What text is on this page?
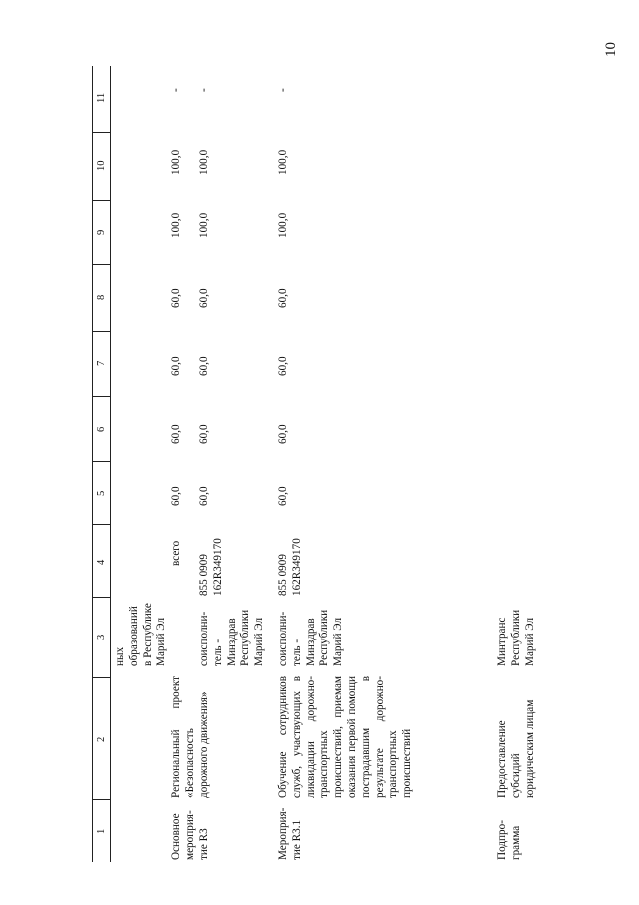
10
1
2
3
4
5
6
7
8
9
10
11
ных
образований
в Республике
Марий Эл
Основное
мероприя-
тие R3
Региональный проект «Безопасность дорожного движения»
всего
60,0
60,0
60,0
60,0
100,0
100,0
-
соисполни-
тель -
Минздрав
Республики
Марий Эл
855 0909
162R349170
60,0
60,0
60,0
60,0
100,0
100,0
-
Мероприя-
тие R3.1
Обучение сотрудников служб, участвующих в ликвидации дорожно-транспортных происшествий, приемам оказания первой помощи пострадавшим в результате дорожно-транспортных происшествий
соисполни-
тель -
Минздрав
Республики
Марий Эл
855 0909
162R349170
60,0
60,0
60,0
60,0
100,0
100,0
-
Подпро-
грамма
Предоставление
субсидий
юридическим лицам
Минтранс
Республики
Марий Эл
